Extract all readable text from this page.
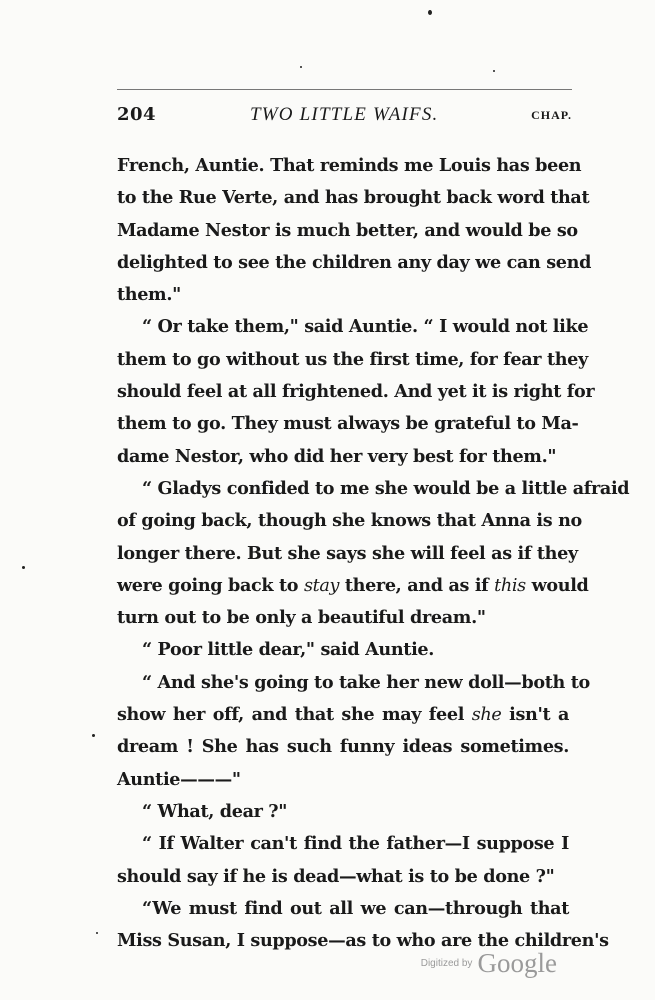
204	TWO LITTLE WAIFS.	CHAP.
French, Auntie. That reminds me Louis has been
to the Rue Verte, and has brought back word that
Madame Nestor is much better, and would be so
delighted to see the children any day we can send
them."
“ Or take them," said Auntie. “ I would not like
them to go without us the first time, for fear they
should feel at all frightened. And yet it is right for
them to go. They must always be grateful to Ma-
dame Nestor, who did her very best for them."
“ Gladys confided to me she would be a little afraid
of going back, though she knows that Anna is no
longer there. But she says she will feel as if they
were going back to stay there, and as if this would
turn out to be only a beautiful dream."
“ Poor little dear," said Auntie.
“ And she's going to take her new doll—both to
show her off, and that she may feel she isn't a
dream ! She has such funny ideas sometimes.
Auntie———"
“ What, dear ?"
“ If Walter can't find the father—I suppose I
should say if he is dead—what is to be done ?"
“We must find out all we can—through that
Miss Susan, I suppose—as to who are the children's
Digitized by Google
